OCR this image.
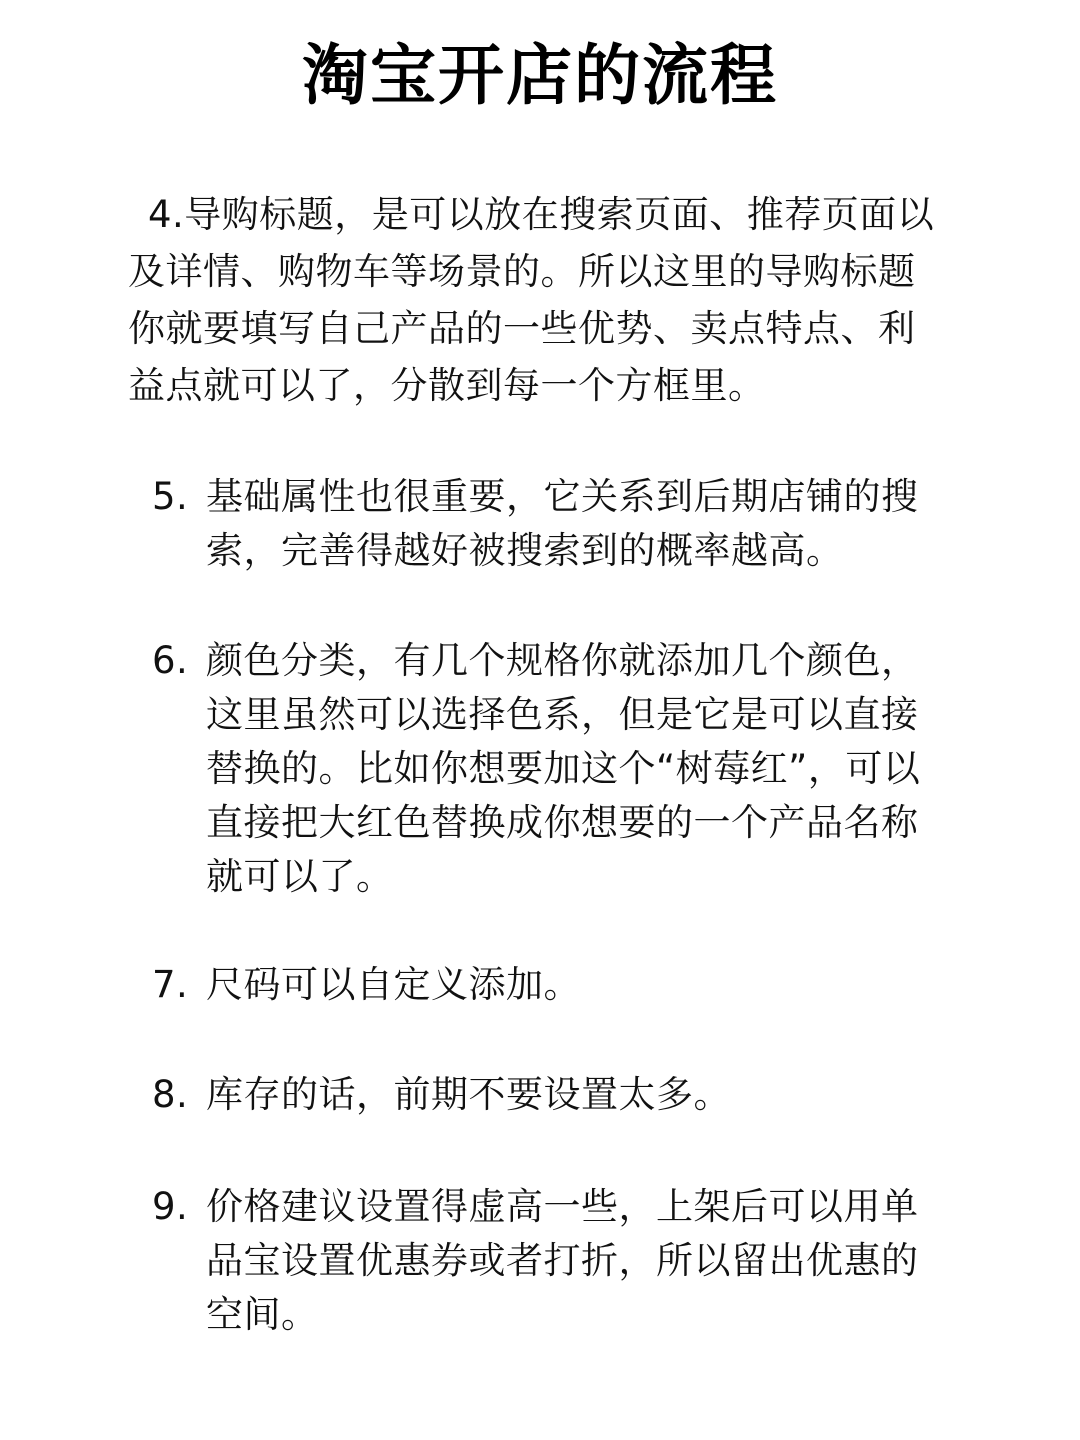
淘宝开店的流程
4.导购标题，是可以放在搜索页面、推荐页面以及详情、购物车等场景的。所以这里的导购标题你就要填写自己产品的一些优势、卖点特点、利益点就可以了，分散到每一个方框里。
5. 基础属性也很重要，它关系到后期店铺的搜索，完善得越好被搜索到的概率越高。
6. 颜色分类，有几个规格你就添加几个颜色，这里虽然可以选择色系，但是它是可以直接替换的。比如你想要加这个“树莓红”，可以直接把大红色替换成你想要的一个产品名称就可以了。
7. 尺码可以自定义添加。
8. 库存的话，前期不要设置太多。
9. 价格建议设置得虚高一些，上架后可以用单品宝设置优惠券或者打折，所以留出优惠的空间。
